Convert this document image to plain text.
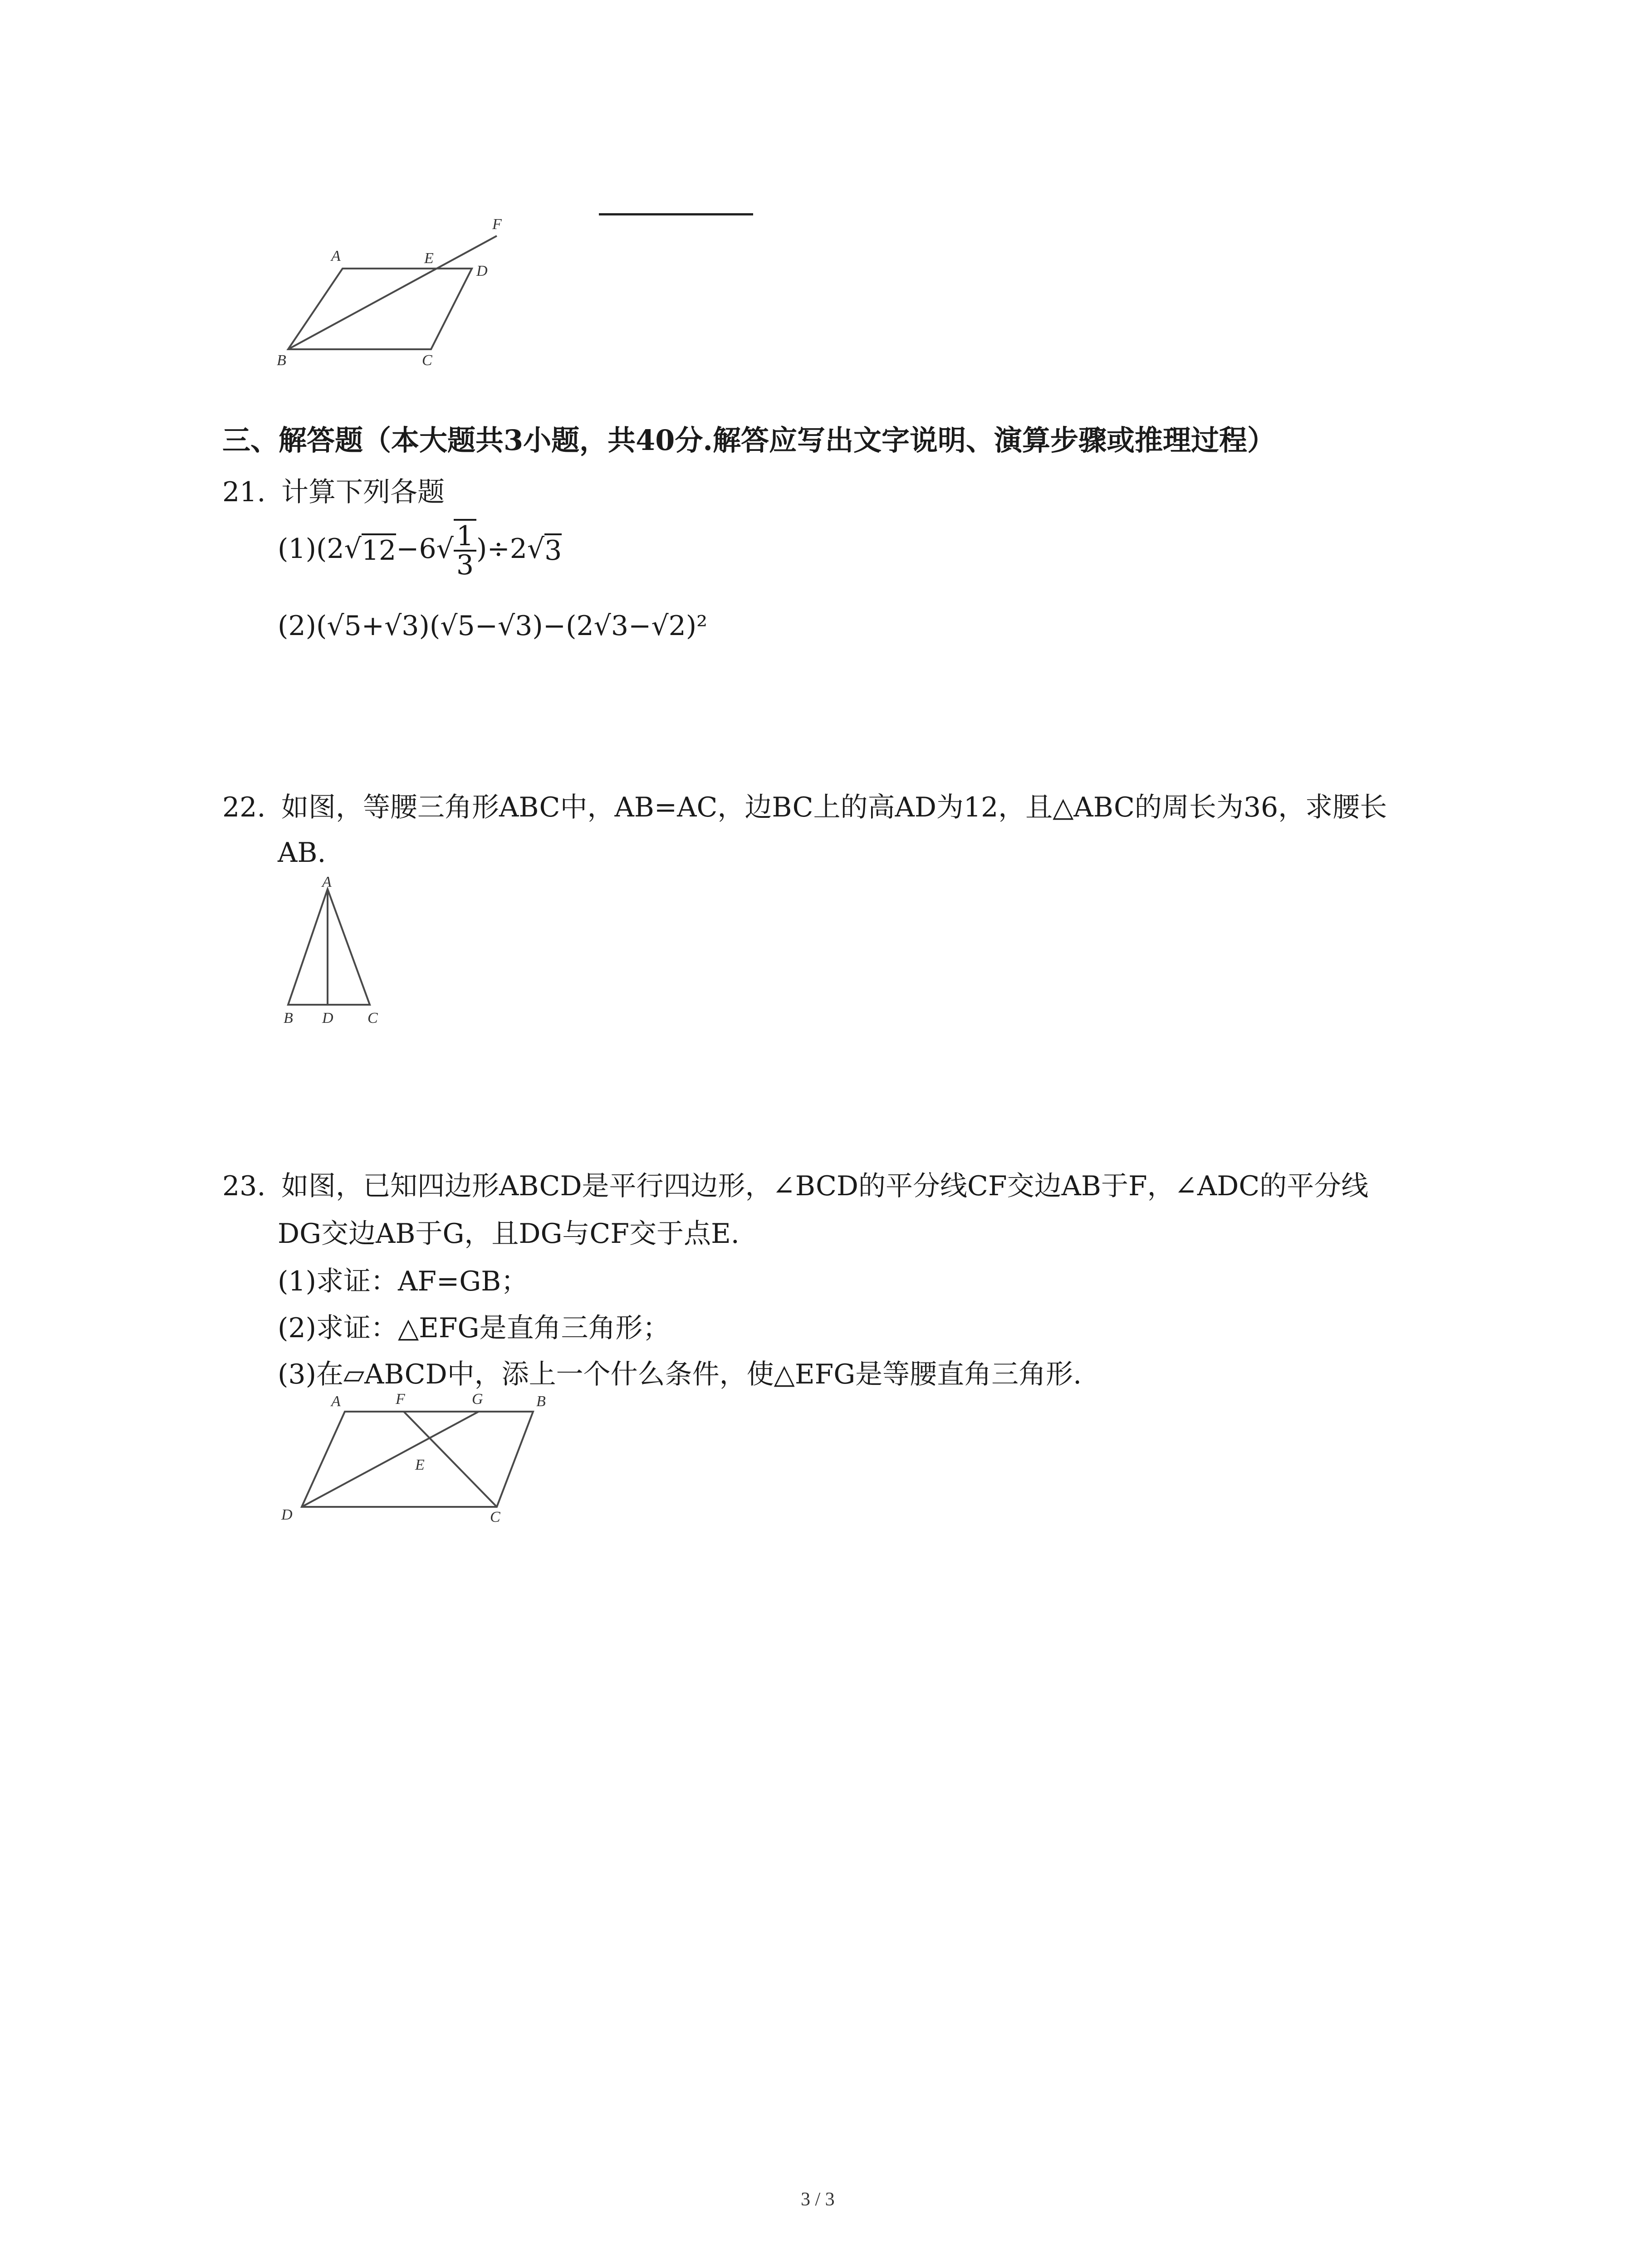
A	E
F
D
B	C
三、解答题（本大题共3小题，共40分.解答应写出文字说明、演算步骤或推理过程）
21. 计算下列各题
(1)(2 √ 12 −6 √ $\frac{1}{3} )\div 2$ √ 3
(2)(√5+√3)(√5−√3)−(2√3−√2)²
22. 如图，等腰三角形ABC中，AB=AC，边BC上的高AD为12，且△ABC的周长为36，求腰长
AB.
A
B D C
23. 如图，已知四边形ABCD是平行四边形，∠BCD的平分线CF交边AB于F，∠ADC的平分线
DG交边AB于G，且DG与CF交于点E.
(1)求证：AF=GB；
(2)求证：△EFG是直角三角形；
(3)在▱ABCD中，添上一个什么条件，使△EFG是等腰直角三角形.
A	F	G	B
E
D	C
3 / 3
